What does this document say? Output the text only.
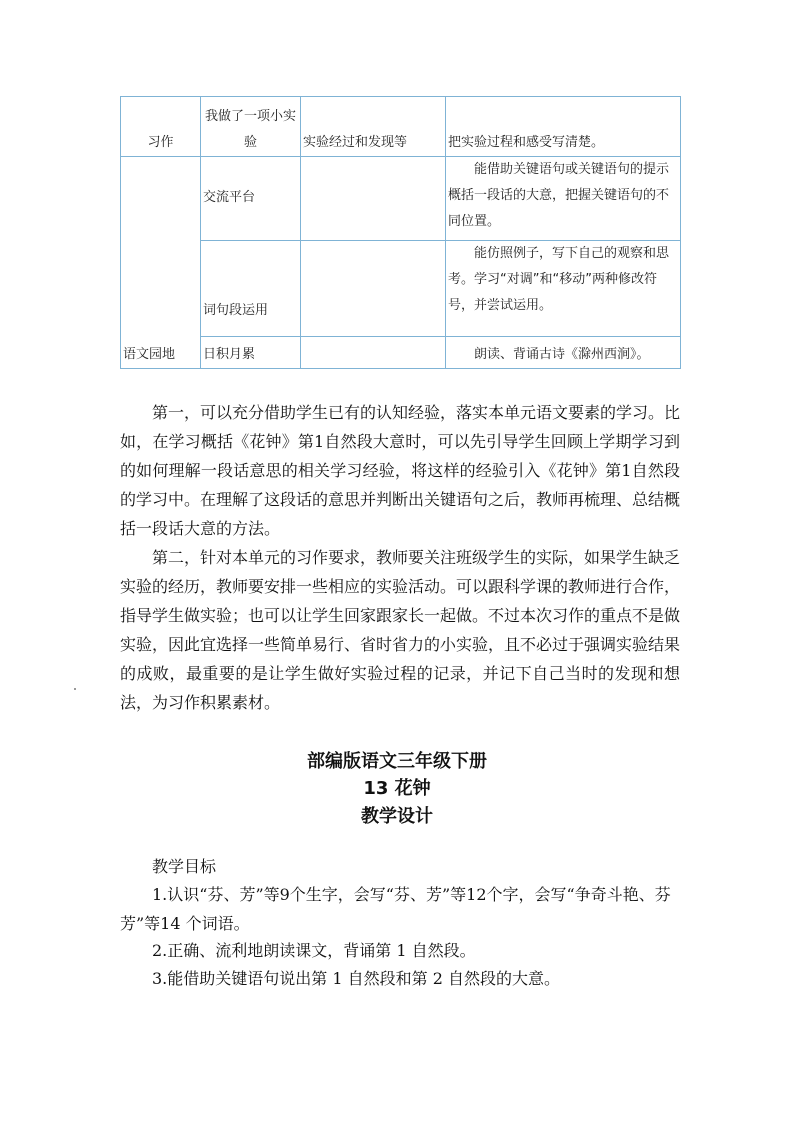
习作	我做了一项小实验	实验经过和发现等	把实验过程和感受写清楚。
语文园地	交流平台		能借助关键语句或关键语句的提示概括一段话的大意，把握关键语句的不同位置。

	词句段运用		能仿照例子，写下自己的观察和思考。学习“对调”和“移动”两种修改符号，并尝试运用。

	日积月累		朗读、背诵古诗《滁州西涧》。

第一，可以充分借助学生已有的认知经验，落实本单元语文要素的学习。比如，在学习概括《花钟》第1自然段大意时，可以先引导学生回顾上学期学习到的如何理解一段话意思的相关学习经验，将这样的经验引入《花钟》第1自然段的学习中。在理解了这段话的意思并判断出关键语句之后，教师再梳理、总结概括一段话大意的方法。

第二，针对本单元的习作要求，教师要关注班级学生的实际，如果学生缺乏实验的经历，教师要安排一些相应的实验活动。可以跟科学课的教师进行合作，指导学生做实验；也可以让学生回家跟家长一起做。不过本次习作的重点不是做实验，因此宜选择一些简单易行、省时省力的小实验，且不必过于强调实验结果的成败，最重要的是让学生做好实验过程的记录，并记下自己当时的发现和想法，为习作积累素材。

部编版语文三年级下册
13 花钟
教学设计

教学目标

1.认识“芬、芳”等9个生字，会写“芬、芳”等12个字，会写“争奇斗艳、芬芳”等14 个词语。

2.正确、流利地朗读课文，背诵第 1 自然段。

3.能借助关键语句说出第 1 自然段和第 2 自然段的大意。
